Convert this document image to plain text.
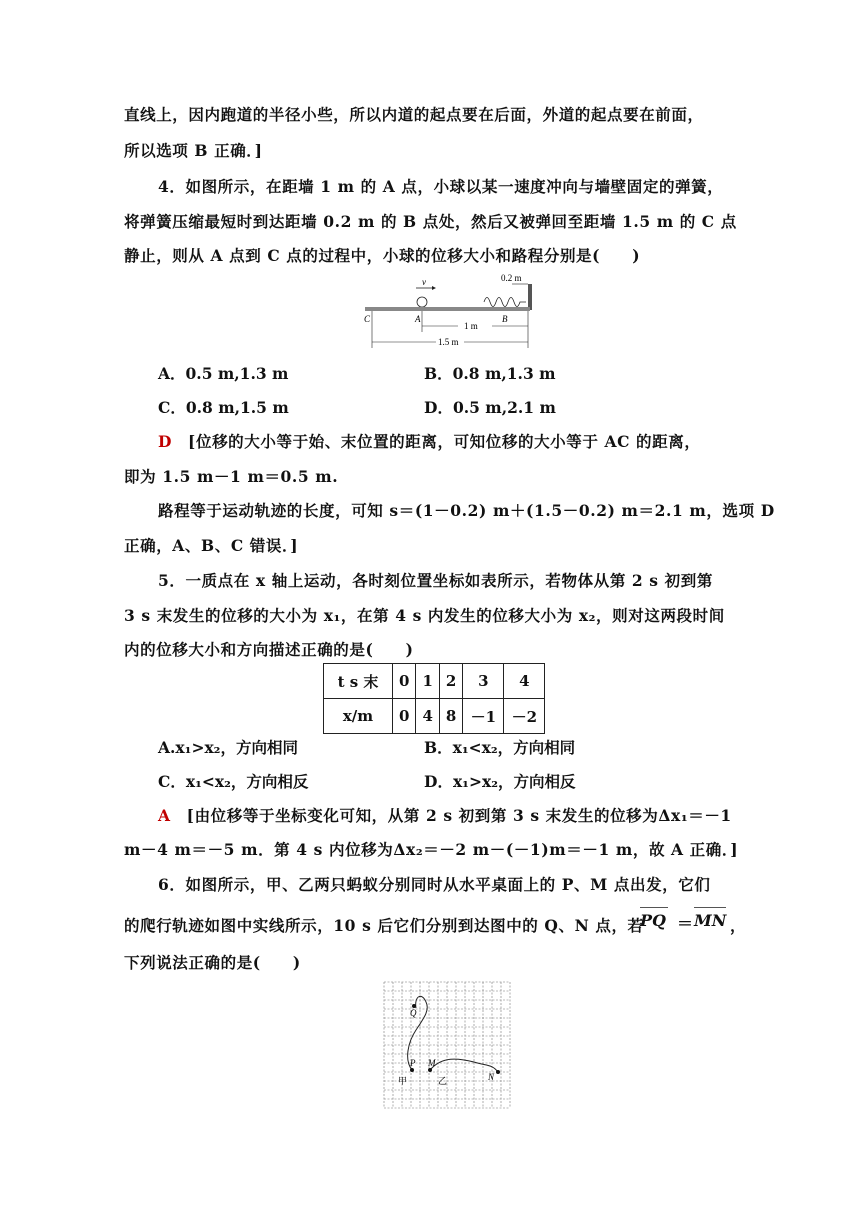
直线上，因内跑道的半径小些，所以内道的起点要在后面，外道的起点要在前面，
所以选项 B 正确．]
4．如图所示，在距墙 1 m 的 A 点，小球以某一速度冲向与墙壁固定的弹簧，
将弹簧压缩最短时到达距墙 0.2 m 的 B 点处，然后又被弹回至距墙 1.5 m 的 C 点
静止，则从 A 点到 C 点的过程中，小球的位移大小和路程分别是(　　)
v	0.2 m
C	A	B
1 m
1.5 m
A．0.5 m,1.3 m	B．0.8 m,1.3 m
C．0.8 m,1.5 m	D．0.5 m,2.1 m
D [位移的大小等于始、末位置的距离，可知位移的大小等于 AC 的距离，
即为 1.5 m－1 m＝0.5 m.
路程等于运动轨迹的长度，可知 s＝(1－0.2) m＋(1.5－0.2) m＝2.1 m，选项 D
正确，A、B、C 错误．]
5．一质点在 x 轴上运动，各时刻位置坐标如表所示，若物体从第 2 s 初到第
3 s 末发生的位移的大小为 x₁，在第 4 s 内发生的位移大小为 x₂，则对这两段时间
内的位移大小和方向描述正确的是(　　)
t s 末	0	1	2	3	4
x/m	0	4	8	－1	－2
A.x₁>x₂，方向相同	B．x₁<x₂，方向相同
C．x₁<x₂，方向相反	D．x₁>x₂，方向相反
A [由位移等于坐标变化可知，从第 2 s 初到第 3 s 末发生的位移为Δx₁＝－1
m－4 m＝－5 m．第 4 s 内位移为Δx₂＝－2 m－(－1)m＝－1 m，故 A 正确．]
6．如图所示，甲、乙两只蚂蚁分别同时从水平桌面上的 P、M 点出发，它们
的爬行轨迹如图中实线所示，10 s 后它们分别到达图中的 Q、N 点，若
PQ ＝ MN ，
下列说法正确的是(　　)
Q
P M
N
甲	乙
